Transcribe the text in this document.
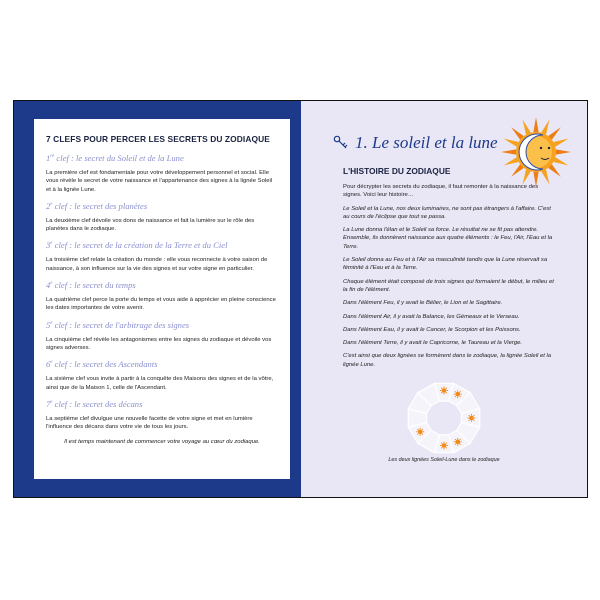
7 CLEFS POUR PERCER LES SECRETS DU ZODIAQUE
1re clef : le secret du Soleil et de la Lune

La première clef est fondamentale pour votre développement personnel et social. Elle vous révèle le secret de votre naissance et l'appartenance des signes à la lignée Soleil et à la lignée Lune.

2e clef : le secret des planètes

La deuxième clef dévoile vos dons de naissance et fait la lumière sur le rôle des planètes dans le zodiaque.

3e clef : le secret de la création de la Terre et du Ciel

La troisième clef relate la création du monde : elle vous reconnecte à votre saison de naissance, à son influence sur la vie des signes et sur votre signe en particulier.

4e clef : le secret du temps

La quatrième clef perce la porte du temps et vous aide à apprécier en pleine conscience les dates importantes de votre avenir.

5e clef : le secret de l'arbitrage des signes

La cinquième clef révèle les antagonismes entre les signes du zodiaque et dévoile vos signes adverses.

6e clef : le secret des Ascendants

La sixième clef vous invite à partir à la conquête des Maisons des signes et de la vôtre, ainsi que de la Maison 1, celle de l'Ascendant.

7e clef : le secret des décans

La septième clef divulgue une nouvelle facette de votre signe et met en lumière l'influence des décans dans votre vie de tous les jours.

Il est temps maintenant de commencer votre voyage au cœur du zodiaque.

1. Le soleil et la lune

L'HISTOIRE DU ZODIAQUE

Pour décrypter les secrets du zodiaque, il faut remonter à la naissance des signes. Voici leur histoire…

Le Soleil et la Lune, nos deux luminaires, ne sont pas étrangers à l'affaire. C'est au cours de l'éclipse que tout se passa.

La Lune donna l'élan et le Soleil sa force. Le résultat ne se fit pas attendre. Ensemble, ils donnèrent naissance aux quatre éléments : le Feu, l'Air, l'Eau et la Terre.

Le Soleil donna au Feu et à l'Air sa masculinité tandis que la Lune réservait sa féminité à l'Eau et à la Terre.

Chaque élément était composé de trois signes qui formaient le début, le milieu et la fin de l'élément.

Dans l'élément Feu, il y avait le Bélier, le Lion et le Sagittaire.

Dans l'élément Air, il y avait la Balance, les Gémeaux et le Verseau.

Dans l'élément Eau, il y avait le Cancer, le Scorpion et les Poissons.

Dans l'élément Terre, il y avait le Capricorne, le Taureau et la Vierge.

C'est ainsi que deux lignées se formèrent dans le zodiaque, la lignée Soleil et la lignée Lune.

Les deux lignées Soleil-Lune dans le zodiaque
